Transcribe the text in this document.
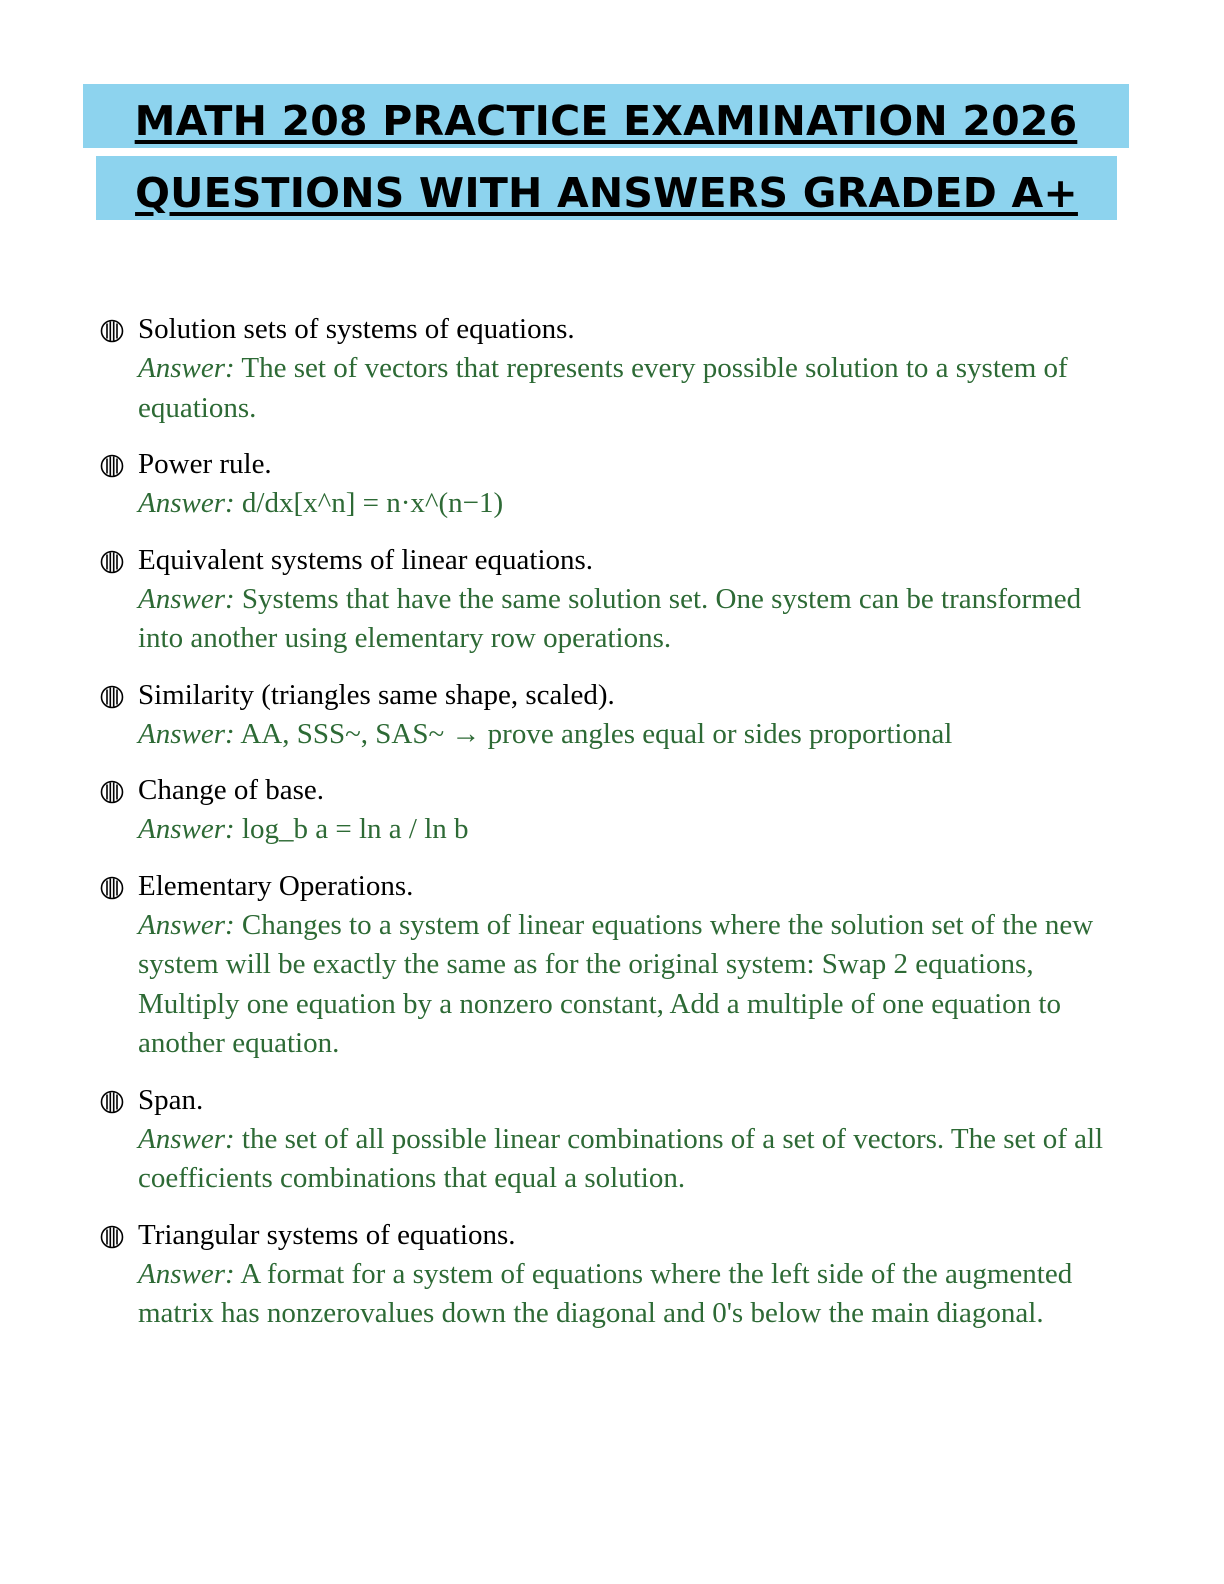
MATH 208 PRACTICE EXAMINATION 2026
QUESTIONS WITH ANSWERS GRADED A+
Solution sets of systems of equations.
Answer: The set of vectors that represents every possible solution to a system of equations.
Power rule.
Answer: d/dx[x^n] = n·x^(n−1)
Equivalent systems of linear equations.
Answer: Systems that have the same solution set. One system can be transformed into another using elementary row operations.
Similarity (triangles same shape, scaled).
Answer: AA, SSS~, SAS~ → prove angles equal or sides proportional
Change of base.
Answer: log_b a = ln a / ln b
Elementary Operations.
Answer: Changes to a system of linear equations where the solution set of the new system will be exactly the same as for the original system: Swap 2 equations, Multiply one equation by a nonzero constant, Add a multiple of one equation to another equation.
Span.
Answer: the set of all possible linear combinations of a set of vectors. The set of all coefficients combinations that equal a solution.
Triangular systems of equations.
Answer: A format for a system of equations where the left side of the augmented matrix has nonzerovalues down the diagonal and 0's below the main diagonal.
